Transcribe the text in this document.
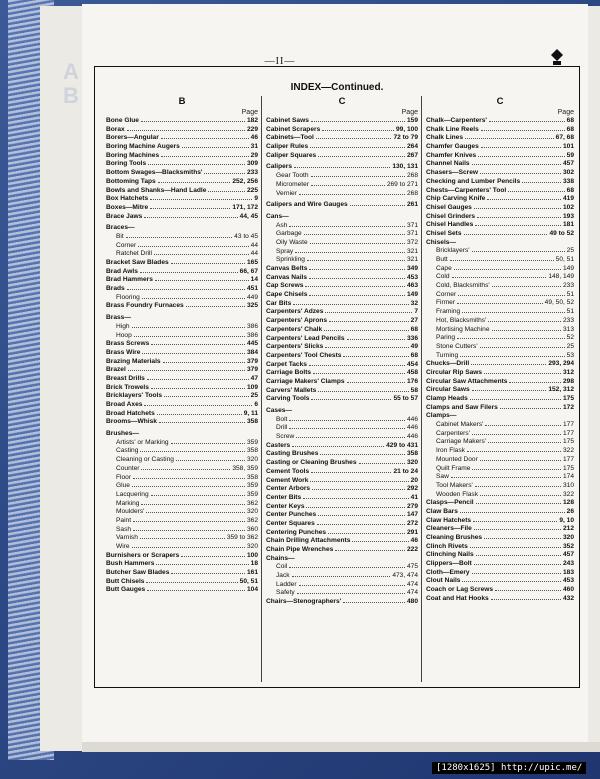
A
B
—II—
INDEX—Continued.
B
Page
Bone Glue	182
Borax	229
Borers—Angular	46
Boring Machine Augers	31
Boring Machines	29
Boring Tools	309
Bottom Swages—Blacksmiths'	233
Bottoming Taps	252, 256
Bowls and Shanks—Hand Ladle	225
Box Hatchets	9
Boxes—Mitre	171, 172
Brace Jaws	44, 45
Braces—
Bit	43 to 45
Corner	44
Ratchet Drill	44
Bracket Saw Blades	165
Brad Awls	66, 67
Brad Hammers	14
Brads	451
Flooring	449
Brass Foundry Furnaces	325
Brass—
High	386
Hoop	386
Brass Screws	445
Brass Wire	384
Brazing Materials	379
Brazel	379
Breast Drills	47
Brick Trowels	109
Bricklayers' Tools	25
Broad Axes	6
Broad Hatchets	9, 11
Brooms—Whisk	358
Brushes—
Artists' or Marking	359
Casting	358
Cleaning or Casting	320
Counter	358, 359
Floor	358
Glue	359
Lacquering	359
Marking	362
Moulders'	320
Paint	362
Sash	360
Varnish	359 to 362
Wire	320
Burnishers or Scrapers	100
Bush Hammers	18
Butcher Saw Blades	161
Butt Chisels	50, 51
Butt Gauges	104
C
Page
Cabinet Saws	159
Cabinet Scrapers	99, 100
Cabinets—Tool	72 to 79
Caliper Rules	264
Caliper Squares	267
Calipers	130, 131
Gear Tooth	268
Micrometer	269 to 271
Vernier	268
Calipers and Wire Gauges	261
Cans—
Ash	371
Garbage	371
Oily Waste	372
Spray	321
Sprinkling	321
Canvas Belts	349
Canvas Nails	453
Cap Screws	463
Cape Chisels	149
Car Bits	32
Carpenters' Adzes	7
Carpenters' Aprons	27
Carpenters' Chalk	68
Carpenters' Lead Pencils	336
Carpenters' Slicks	49
Carpenters' Tool Chests	68
Carpet Tacks	454
Carriage Bolts	458
Carriage Makers' Clamps	176
Carvers' Mallets	58
Carving Tools	55 to 57
Cases—
Bolt	446
Drill	446
Screw	446
Casters	429 to 431
Casting Brushes	358
Casting or Cleaning Brushes	320
Cement Tools	21 to 24
Cement Work	20
Center Arbors	292
Center Bits	41
Center Keys	279
Center Punches	147
Center Squares	272
Centering Punches	291
Chain Drilling Attachments	46
Chain Pipe Wrenches	222
Chains—
Coil	475
Jack	473, 474
Ladder	474
Safety	474
Chairs—Stenographers'	480
C
Page
Chalk—Carpenters'	68
Chalk Line Reels	68
Chalk Lines	67, 68
Chamfer Gauges	101
Chamfer Knives	59
Channel Nails	457
Chasers—Screw	302
Checking and Lumber Pencils	338
Chests—Carpenters' Tool	68
Chip Carving Knife	419
Chisel Gauges	102
Chisel Grinders	193
Chisel Handles	181
Chisel Sets	49 to 52
Chisels—
Bricklayers'	25
Butt	50, 51
Cape	149
Cold	148, 149
Cold, Blacksmiths'	233
Corner	51
Firmer	49, 50, 52
Framing	51
Hot, Blacksmiths'	233
Mortising Machine	313
Paring	52
Stone Cutters'	25
Turning	53
Chucks—Drill	293, 294
Circular Rip Saws	312
Circular Saw Attachments	298
Circular Saws	152, 312
Clamp Heads	175
Clamps and Saw Filers	172
Clamps—
Cabinet Makers'	177
Carpenters'	177
Carriage Makers'	175
Iron Flask	322
Mounted Door	177
Quilt Frame	175
Saw	174
Tool Makers'	310
Wooden Flask	322
Clasps—Pencil	128
Claw Bars	26
Claw Hatchets	9, 10
Cleaners—File	212
Cleaning Brushes	320
Clinch Rivets	352
Clinching Nails	457
Clippers—Bolt	243
Cloth—Emery	183
Clout Nails	453
Coach or Lag Screws	460
Coat and Hat Hooks	432
[1280x1625] http://upic.me/
